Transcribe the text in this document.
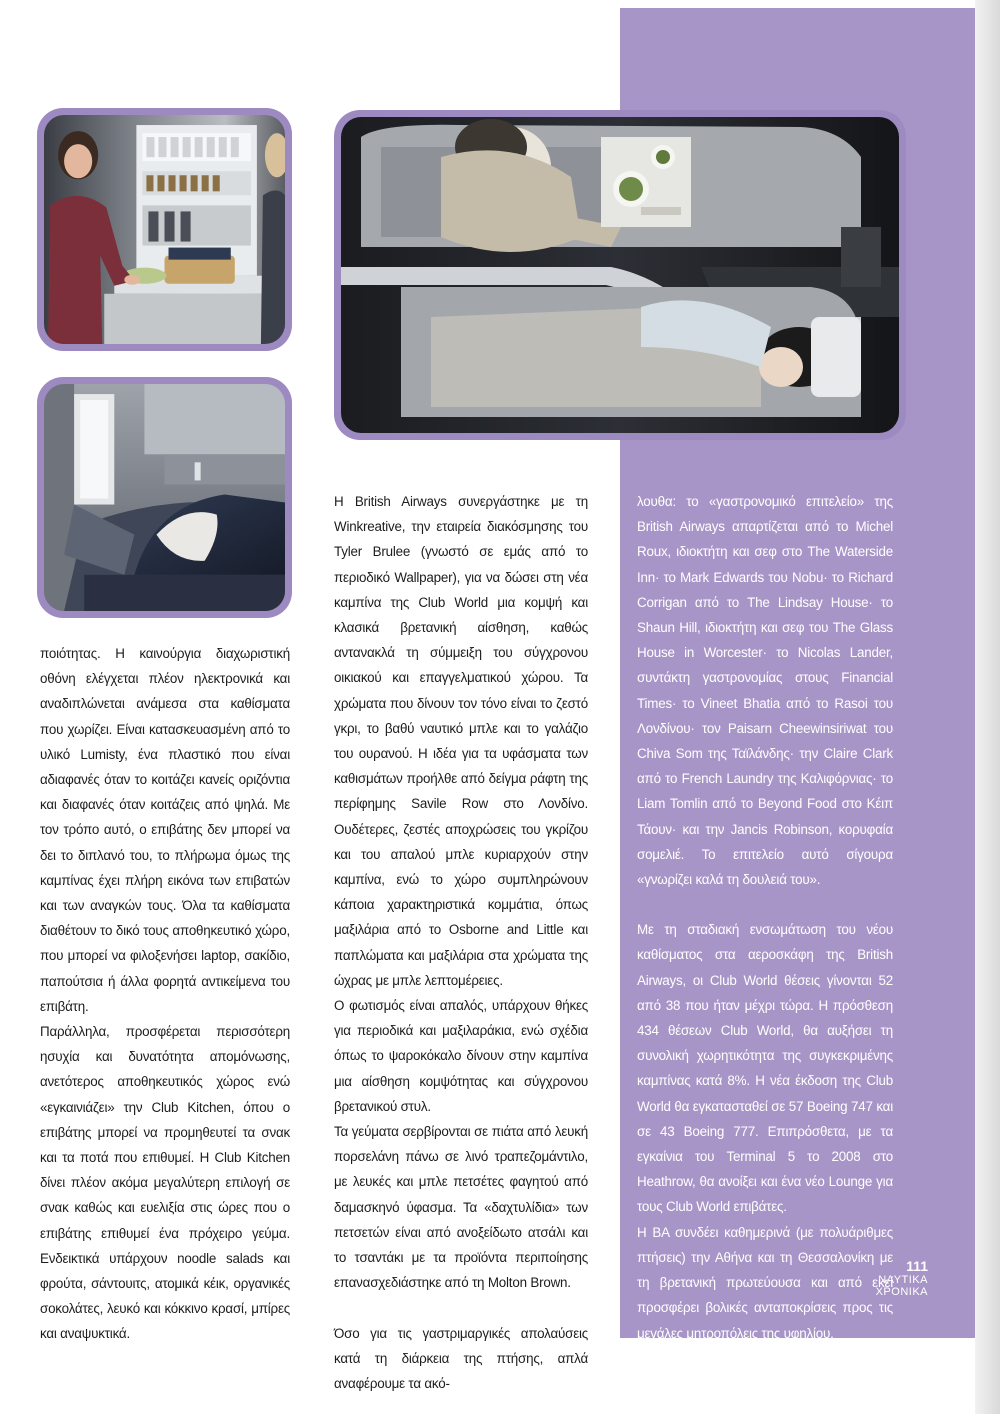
ποιότητας. Η καινούργια διαχωριστική οθόνη ελέγχεται πλέον ηλεκτρονικά και αναδιπλώνεται ανάμεσα στα καθίσματα που χωρίζει. Είναι κατασκευασμένη από το υλικό Lumisty, ένα πλαστικό που είναι αδιαφανές όταν το κοιτάζει κανείς οριζόντια και διαφανές όταν κοιτάζεις από ψηλά. Με τον τρόπο αυτό, ο επιβάτης δεν μπορεί να δει το διπλανό του, το πλήρωμα όμως της καμπίνας έχει πλήρη εικόνα των επιβατών και των αναγκών τους. Όλα τα καθίσματα διαθέτουν το δικό τους αποθηκευτικό χώρο, που μπορεί να φιλοξενήσει laptop, σακίδιο, παπούτσια ή άλλα φορητά αντικείμενα του επιβάτη.

Παράλληλα, προσφέρεται περισσότερη ησυχία και δυνατότητα απομόνωσης, ανετότερος αποθηκευτικός χώρος ενώ «εγκαινιάζει» την Club Kitchen, όπου ο επιβάτης μπορεί να προμηθευτεί τα σνακ και τα ποτά που επιθυμεί. Η Club Kitchen δίνει πλέον ακόμα μεγαλύτερη επιλογή σε σνακ καθώς και ευελιξία στις ώρες που ο επιβάτης επιθυμεί ένα πρόχειρο γεύμα. Ενδεικτικά υπάρχουν noodle salads και φρούτα, σάντουιτς, ατομικά κέικ, οργανικές σοκολάτες, λευκό και κόκκινο κρασί, μπίρες και αναψυκτικά.

Η British Airways συνεργάστηκε με τη Winkreative, την εταιρεία διακόσμησης του Tyler Brulee (γνωστό σε εμάς από το περιοδικό Wallpaper), για να δώσει στη νέα καμπίνα της Club World μια κομψή και κλασικά βρετανική αίσθηση, καθώς αντανακλά τη σύμμειξη του σύγχρονου οικιακού και επαγγελματικού χώρου. Τα χρώματα που δίνουν τον τόνο είναι το ζεστό γκρι, το βαθύ ναυτικό μπλε και το γαλάζιο του ουρανού. Η ιδέα για τα υφάσματα των καθισμάτων προήλθε από δείγμα ράφτη της περίφημης Savile Row στο Λονδίνο. Ουδέτερες, ζεστές αποχρώσεις του γκρίζου και του απαλού μπλε κυριαρχούν στην καμπίνα, ενώ το χώρο συμπληρώνουν κάποια χαρακτηριστικά κομμάτια, όπως μαξιλάρια από το Osborne and Little και παπλώματα και μαξιλάρια στα χρώματα της ώχρας με μπλε λεπτομέρειες.

Ο φωτισμός είναι απαλός, υπάρχουν θήκες για περιοδικά και μαξιλαράκια, ενώ σχέδια όπως το ψαροκόκαλο δίνουν στην καμπίνα μια αίσθηση κομψότητας και σύγχρονου βρετανικού στυλ.

Τα γεύματα σερβίρονται σε πιάτα από λευκή πορσελάνη πάνω σε λινό τραπεζομάντιλο, με λευκές και μπλε πετσέτες φαγητού από δαμασκηνό ύφασμα. Τα «δαχτυλίδια» των πετσετών είναι από ανοξείδωτο ατσάλι και το τσαντάκι με τα προϊόντα περιποίησης επανασχεδιάστηκε από τη Molton Brown.

Όσο για τις γαστριμαργικές απολαύσεις κατά τη διάρκεια της πτήσης, απλά αναφέρουμε τα ακό-

λουθα: το «γαστρονομικό επιτελείο» της British Airways απαρτίζεται από το Michel Roux, ιδιοκτήτη και σεφ στο The Waterside Inn· το Mark Edwards του Nobu· το Richard Corrigan από το The Lindsay House· το Shaun Hill, ιδιοκτήτη και σεφ του The Glass House in Worcester· το Nicolas Lander, συντάκτη γαστρονομίας στους Financial Times· το Vineet Bhatia από το Rasoi του Λονδίνου· τον Paisarn Cheewinsiriwat του Chiva Som της Ταϊλάνδης· την Claire Clark από το French Laundry της Καλιφόρνιας· το Liam Tomlin από το Beyond Food στο Κέιπ Τάουν· και την Jancis Robinson, κορυφαία σομελιέ. Το επιτελείο αυτό σίγουρα «γνωρίζει καλά τη δουλειά του».

Με τη σταδιακή ενσωμάτωση του νέου καθίσματος στα αεροσκάφη της British Airways, οι Club World θέσεις γίνονται 52 από 38 που ήταν μέχρι τώρα. Η πρόσθεση 434 θέσεων Club World, θα αυξήσει τη συνολική χωρητικότητα της συγκεκριμένης καμπίνας κατά 8%. Η νέα έκδοση της Club World θα εγκατασταθεί σε 57 Boeing 747 και σε 43 Boeing 777. Επιπρόσθετα, με τα εγκαίνια του Terminal 5 το 2008 στο Heathrow, θα ανοίξει και ένα νέο Lounge για τους Club World επιβάτες.

Η ΒΑ συνδέει καθημερινά (με πολυάριθμες πτήσεις) την Αθήνα και τη Θεσσαλονίκη με τη βρετανική πρωτεύουσα και από εκεί προσφέρει βολικές ανταποκρίσεις προς τις μεγάλες μητροπόλεις της υφηλίου.

111
ΝΑΥΤΙΚΑ
ΧΡΟΝΙΚΑ
